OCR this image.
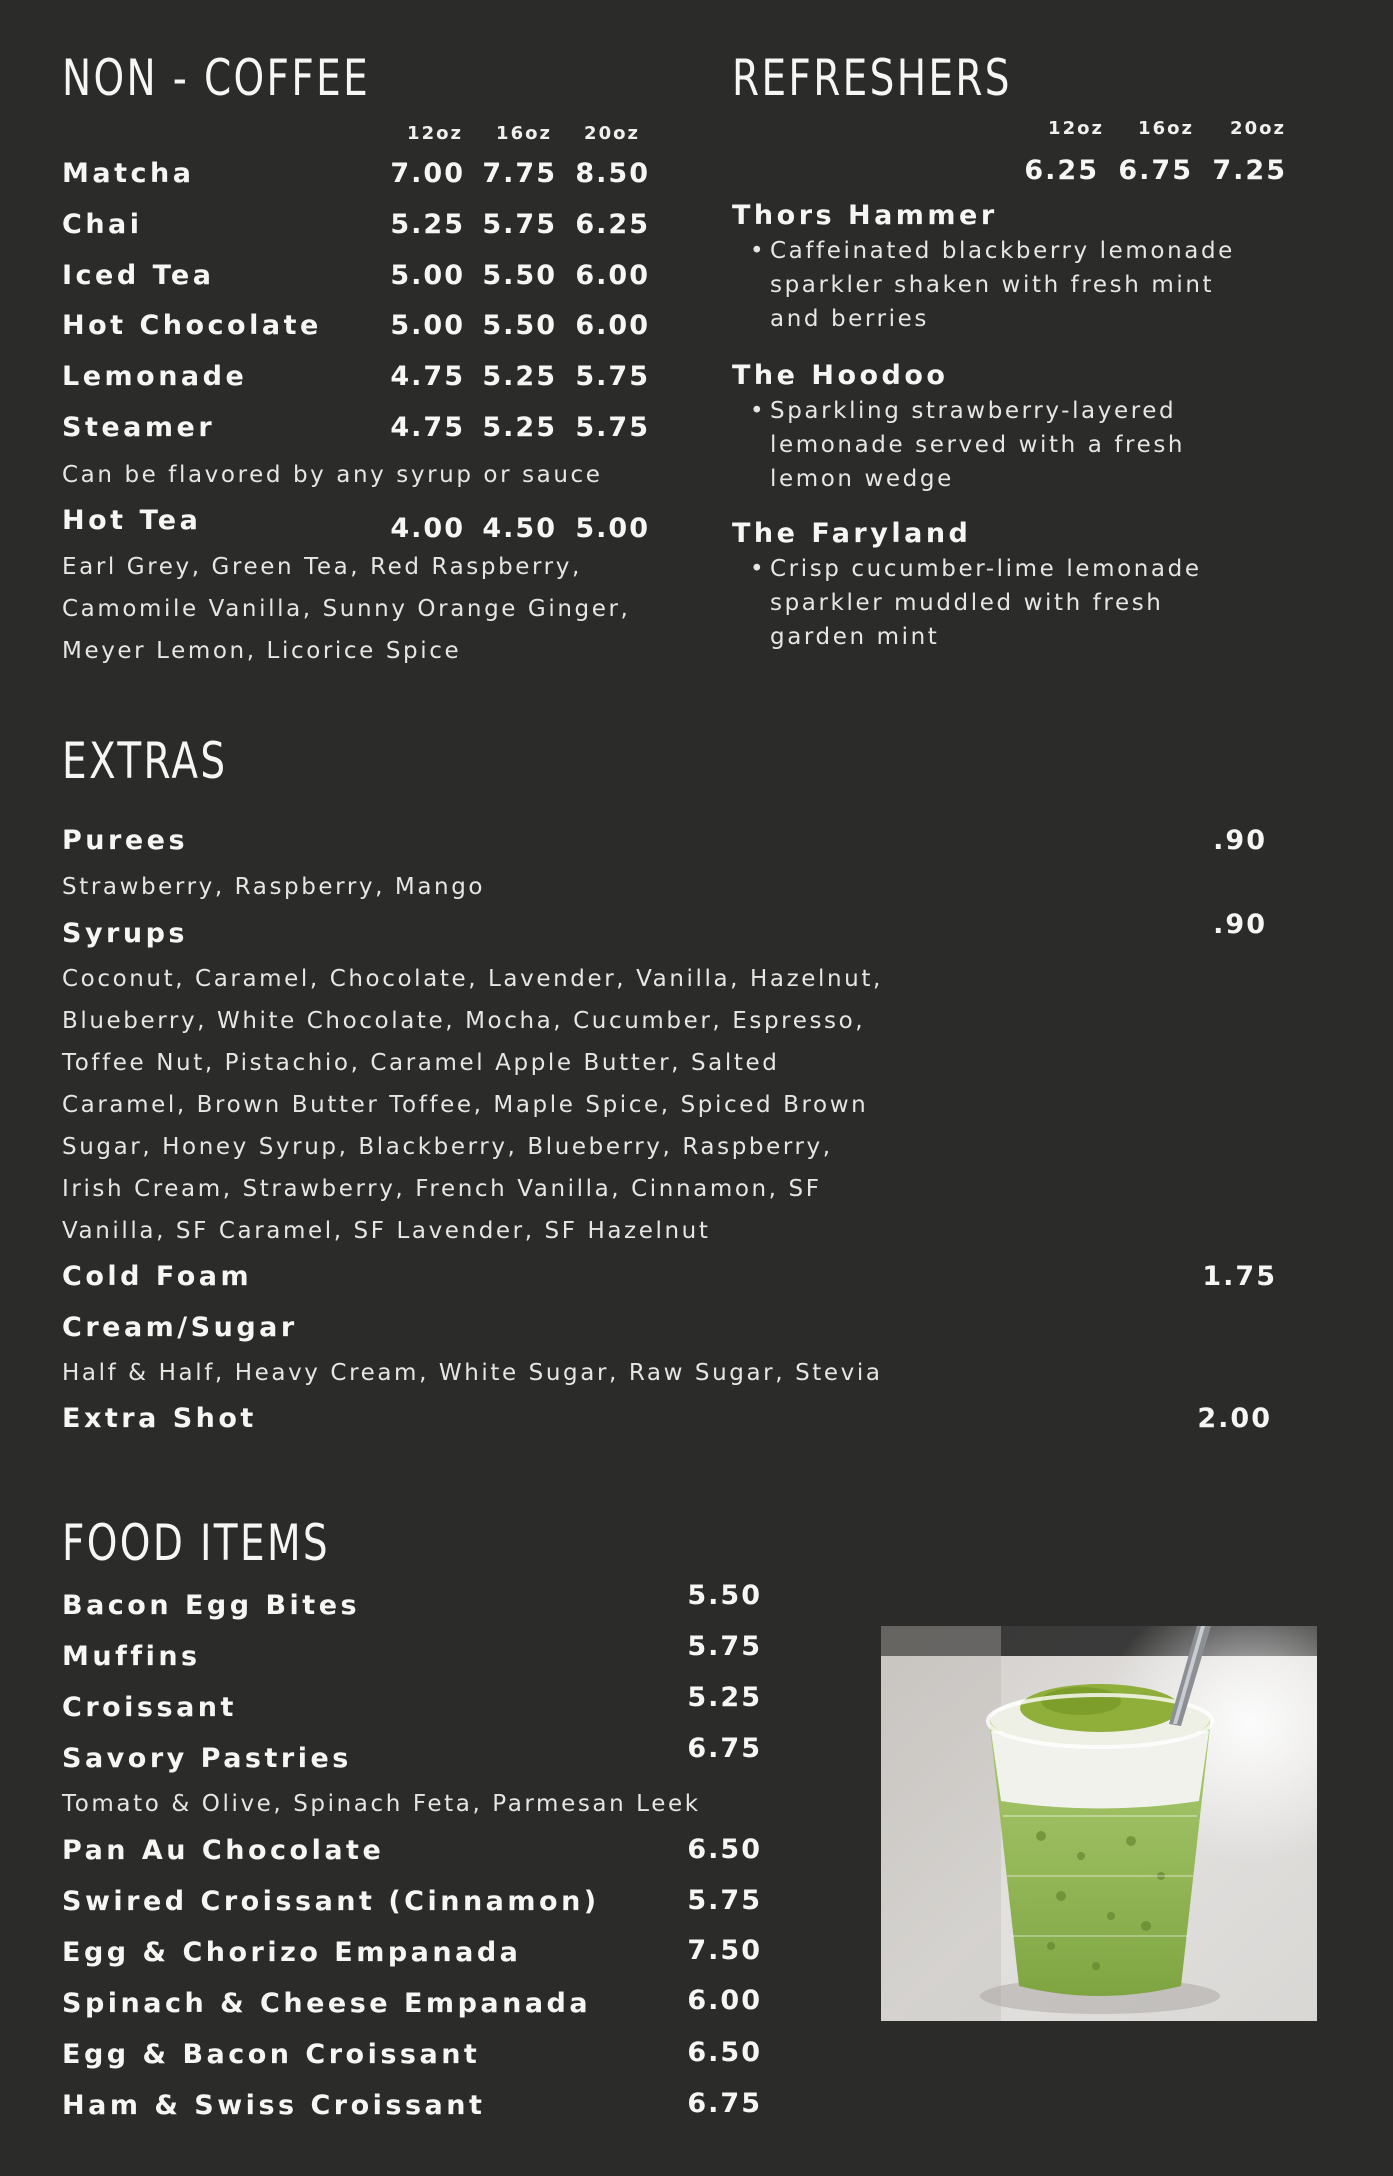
NON - COFFEE
12oz	16oz	20oz
Matcha	7.00 7.75 8.50
Chai	5.25 5.75 6.25
Iced Tea	5.00 5.50 6.00
Hot Chocolate	5.00 5.50 6.00
Lemonade	4.75 5.25 5.75
Steamer	4.75 5.25 5.75
Can be flavored by any syrup or sauce
Hot Tea	4.00 4.50 5.00
Earl Grey, Green Tea, Red Raspberry,
Camomile Vanilla, Sunny Orange Ginger,
Meyer Lemon, Licorice Spice
REFRESHERS
12oz	16oz	20oz
6.25 6.75 7.25
Thors Hammer
• Caffeinated blackberry lemonade
sparkler shaken with fresh mint
and berries
The Hoodoo
• Sparkling strawberry-layered
lemonade served with a fresh
lemon wedge
The Faryland
• Crisp cucumber-lime lemonade
sparkler muddled with fresh
garden mint
EXTRAS
Purees	.90
Strawberry, Raspberry, Mango
Syrups	.90
Coconut, Caramel, Chocolate, Lavender, Vanilla, Hazelnut,
Blueberry, White Chocolate, Mocha, Cucumber, Espresso,
Toffee Nut, Pistachio, Caramel Apple Butter, Salted
Caramel, Brown Butter Toffee, Maple Spice, Spiced Brown
Sugar, Honey Syrup, Blackberry, Blueberry, Raspberry,
Irish Cream, Strawberry, French Vanilla, Cinnamon, SF
Vanilla, SF Caramel, SF Lavender, SF Hazelnut
Cold Foam	1.75
Cream/Sugar
Half & Half, Heavy Cream, White Sugar, Raw Sugar, Stevia
Extra Shot	2.00
FOOD ITEMS
Bacon Egg Bites	5.50
Muffins	5.75
Croissant	5.25
Savory Pastries	6.75
Tomato & Olive, Spinach Feta, Parmesan Leek
Pan Au Chocolate	6.50
Swired Croissant (Cinnamon)	5.75
Egg & Chorizo Empanada	7.50
Spinach & Cheese Empanada	6.00
Egg & Bacon Croissant	6.50
Ham & Swiss Croissant	6.75
